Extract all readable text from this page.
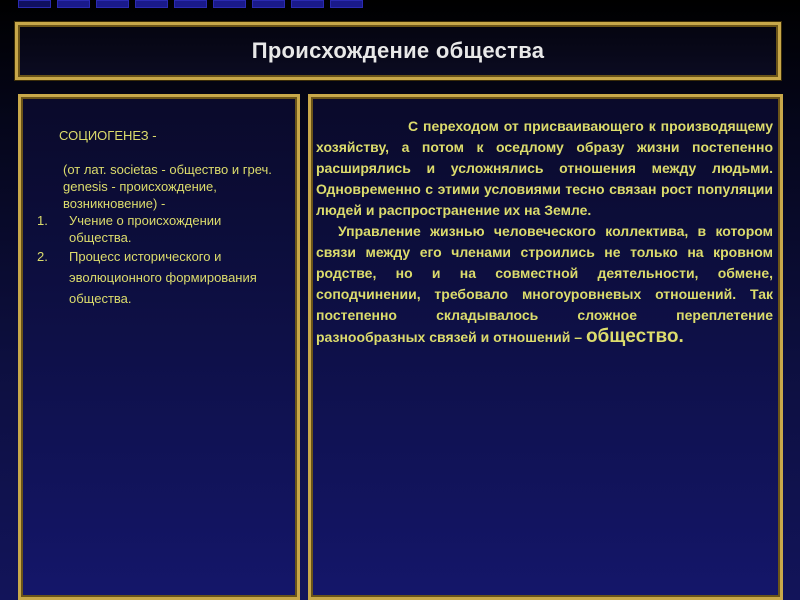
Происхождение общества
СОЦИОГЕНЕЗ -
(от лат. societas - общество и греч. genesis - происхождение, возникновение) -
1. Учение о происхождении общества.
2. Процесс исторического и эволюционного формирования общества.

С переходом от присваивающего к производящему хозяйству, а потом к оседлому образу жизни постепенно расширялись и усложнялись отношения между людьми. Одновременно с этими условиями тесно связан рост популяции людей и распространение их на Земле.

Управление жизнью человеческого коллектива, в котором связи между его членами строились не только на кровном родстве, но и на совместной деятельности, обмене, соподчинении, требовало многоуровневых отношений. Так постепенно складывалось сложное переплетение разнообразных связей и отношений – общество.
